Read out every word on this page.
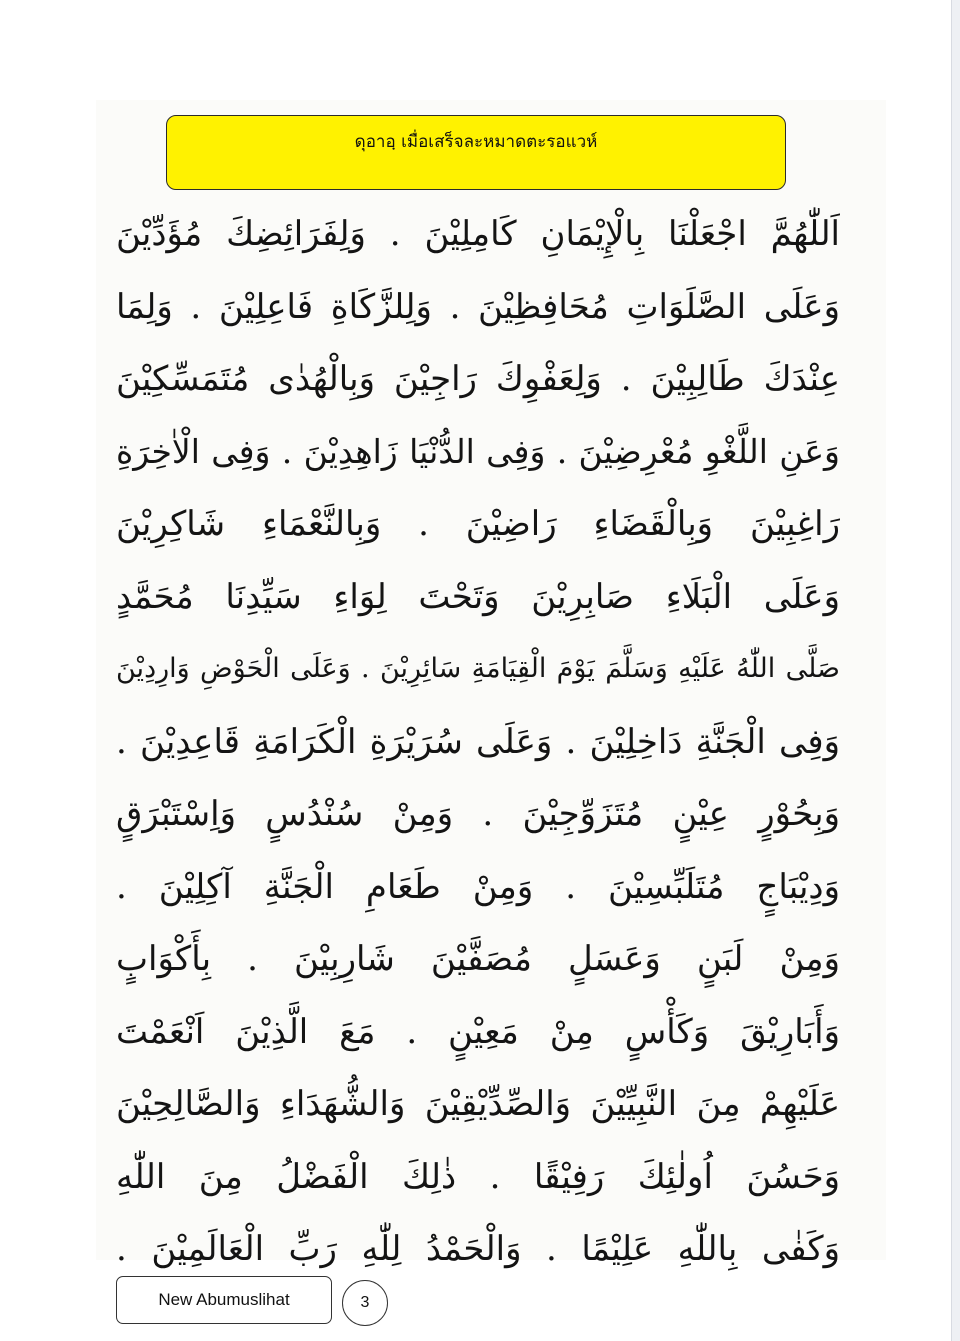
ดุอาอฺ เมื่อเสร็จละหมาดตะรอแวห์
اَللّٰهُمَّ اجْعَلْنَا بِالْإِيْمَانِ كَامِلِيْنَ . وَلِفَرَائِضِكَ مُؤَدِّيْنَ
وَعَلَى الصَّلَوَاتِ مُحَافِظِيْنَ . وَلِلزَّكَاةِ فَاعِلِيْنَ . وَلِمَا
عِنْدَكَ طَالِبِيْنَ . وَلِعَفْوِكَ رَاجِيْنَ وَبِالْهُدٰى مُتَمَسِّكِيْنَ
وَعَنِ اللَّغْوِ مُعْرِضِيْنَ . وَفِى الدُّنْيَا زَاهِدِيْنَ . وَفِى الْاٰخِرَةِ
رَاغِبِيْنَ وَبِالْقَضَاءِ رَاضِيْنَ . وَبِالنَّعْمَاءِ شَاكِرِيْنَ
وَعَلَى الْبَلَاءِ صَابِرِيْنَ وَتَحْتَ لِوَاءِ سَيِّدِنَا مُحَمَّدٍ
صَلَّى اللّٰهُ عَلَيْهِ وَسَلَّمَ يَوْمَ الْقِيَامَةِ سَائِرِيْنَ . وَعَلَى الْحَوْضِ وَارِدِيْنَ
وَفِى الْجَنَّةِ دَاخِلِيْنَ . وَعَلَى سُرَيْرَةِ الْكَرَامَةِ قَاعِدِيْنَ .
وَبِحُوْرٍ عِيْنٍ مُتَزَوِّجِيْنَ . وَمِنْ سُنْدُسٍ وَاِسْتَبْرَقٍ
وَدِيْبَاجٍ مُتَلَبِّسِيْنَ . وَمِنْ طَعَامِ الْجَنَّةِ آكِلِيْنَ .
وَمِنْ لَبَنٍ وَعَسَلٍ مُصَفَّيْنَ شَارِبِيْنَ . بِأَكْوَابٍ
وَأَبَارِيْقَ وَكَأْسٍ مِنْ مَعِيْنٍ . مَعَ الَّذِيْنَ اَنْعَمْتَ
عَلَيْهِمْ مِنَ النَّبِيِّيْنَ وَالصِّدِّيْقِيْنَ وَالشُّهَدَاءِ وَالصَّالِحِيْنَ
وَحَسُنَ اُولٰئِكَ رَفِيْقًا . ذٰلِكَ الْفَضْلُ مِنَ اللّٰهِ
وَكَفٰى بِاللّٰهِ عَلِيْمًا . وَالْحَمْدُ لِلّٰهِ رَبِّ الْعَالَمِيْنَ .
New Abumuslihat	3
